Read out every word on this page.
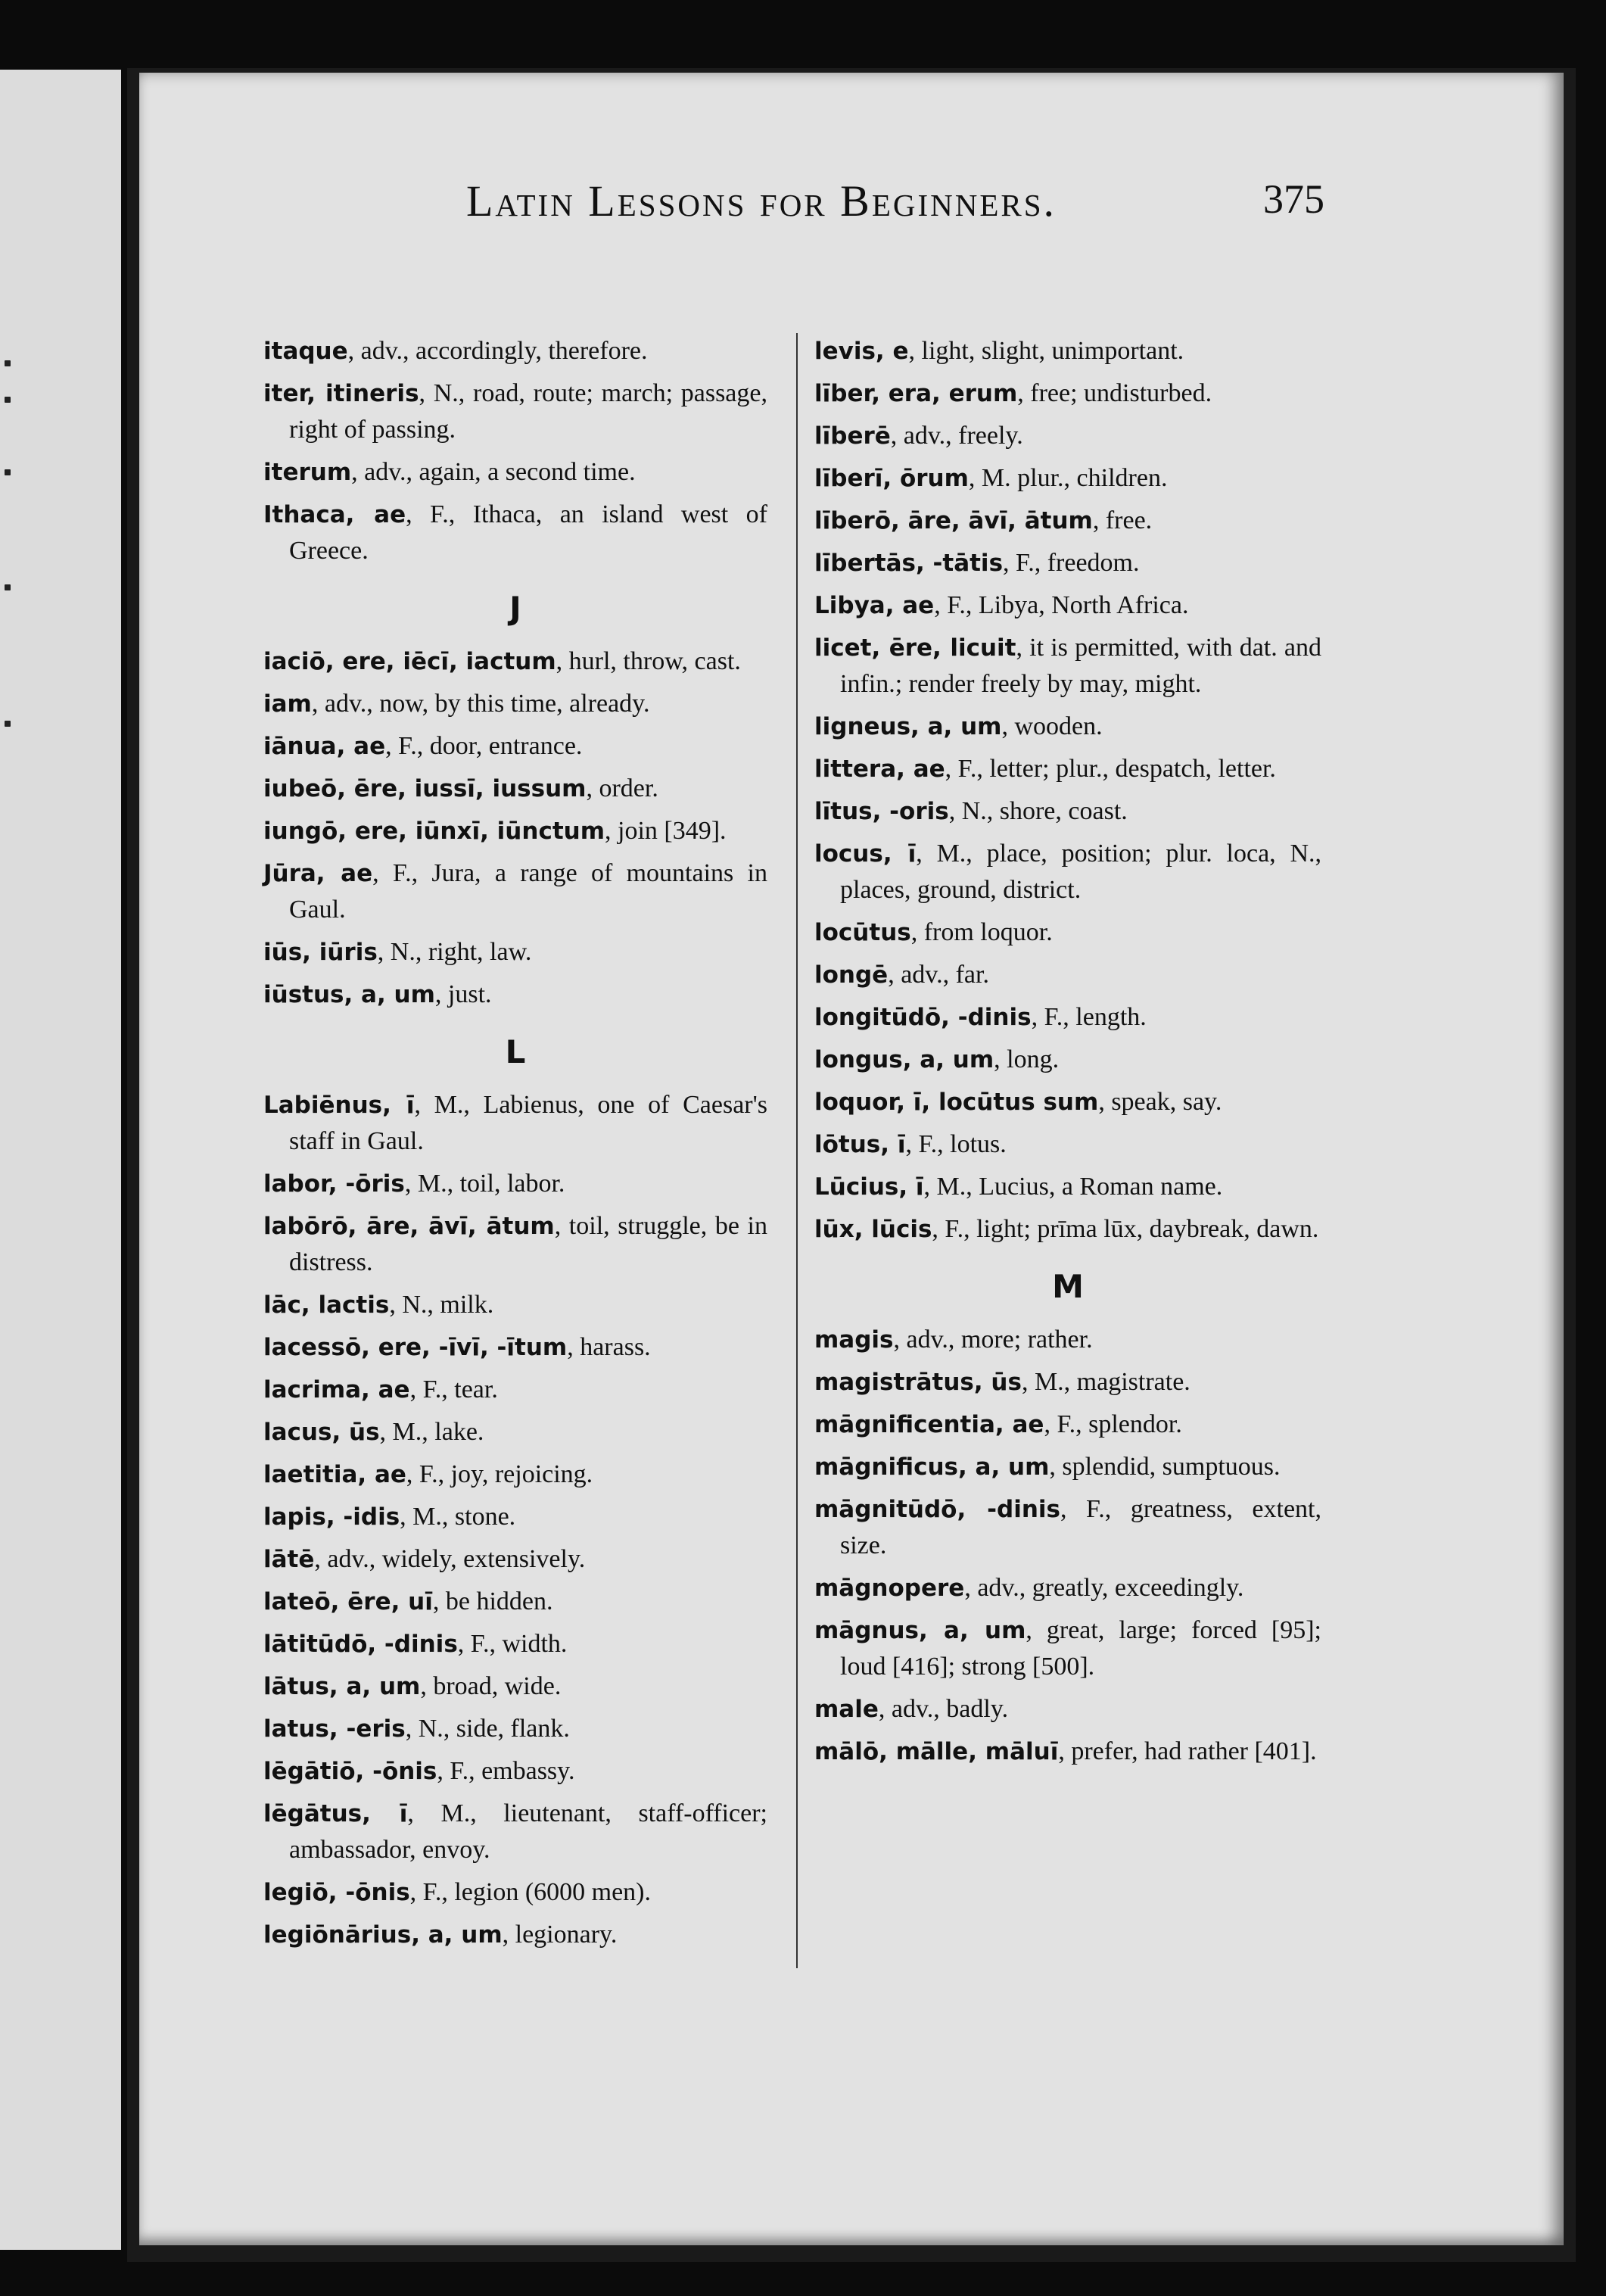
Latin Lessons for Beginners.	375
itaque, adv., accordingly, therefore.
iter, itineris, N., road, route; march; passage, right of passing.
iterum, adv., again, a second time.
Ithaca, ae, F., Ithaca, an island west of Greece.
J
iaciō, ere, iēcī, iactum, hurl, throw, cast.
iam, adv., now, by this time, already.
iānua, ae, F., door, entrance.
iubeō, ēre, iussī, iussum, order.
iungō, ere, iūnxī, iūnctum, join [349].
Jūra, ae, F., Jura, a range of mountains in Gaul.
iūs, iūris, N., right, law.
iūstus, a, um, just.
L
Labiēnus, ī, M., Labienus, one of Caesar's staff in Gaul.
labor, -ōris, M., toil, labor.
labōrō, āre, āvī, ātum, toil, struggle, be in distress.
lāc, lactis, N., milk.
lacessō, ere, -īvī, -ītum, harass.
lacrima, ae, F., tear.
lacus, ūs, M., lake.
laetitia, ae, F., joy, rejoicing.
lapis, -idis, M., stone.
lātē, adv., widely, extensively.
lateō, ēre, uī, be hidden.
lātitūdō, -dinis, F., width.
lātus, a, um, broad, wide.
latus, -eris, N., side, flank.
lēgātiō, -ōnis, F., embassy.
lēgātus, ī, M., lieutenant, staff-officer; ambassador, envoy.
legiō, -ōnis, F., legion (6000 men).
legiōnārius, a, um, legionary.
levis, e, light, slight, unimportant.
līber, era, erum, free; undisturbed.
līberē, adv., freely.
līberī, ōrum, M. plur., children.
līberō, āre, āvī, ātum, free.
lībertās, -tātis, F., freedom.
Libya, ae, F., Libya, North Africa.
licet, ēre, licuit, it is permitted, with dat. and infin.; render freely by may, might.
ligneus, a, um, wooden.
littera, ae, F., letter; plur., despatch, letter.
lītus, -oris, N., shore, coast.
locus, ī, M., place, position; plur. loca, N., places, ground, district.
locūtus, from loquor.
longē, adv., far.
longitūdō, -dinis, F., length.
longus, a, um, long.
loquor, ī, locūtus sum, speak, say.
lōtus, ī, F., lotus.
Lūcius, ī, M., Lucius, a Roman name.
lūx, lūcis, F., light; prīma lūx, daybreak, dawn.
M
magis, adv., more; rather.
magistrātus, ūs, M., magistrate.
māgnificentia, ae, F., splendor.
māgnificus, a, um, splendid, sumptuous.
māgnitūdō, -dinis, F., greatness, extent, size.
māgnopere, adv., greatly, exceedingly.
māgnus, a, um, great, large; forced [95]; loud [416]; strong [500].
male, adv., badly.
mālō, mālle, māluī, prefer, had rather [401].
